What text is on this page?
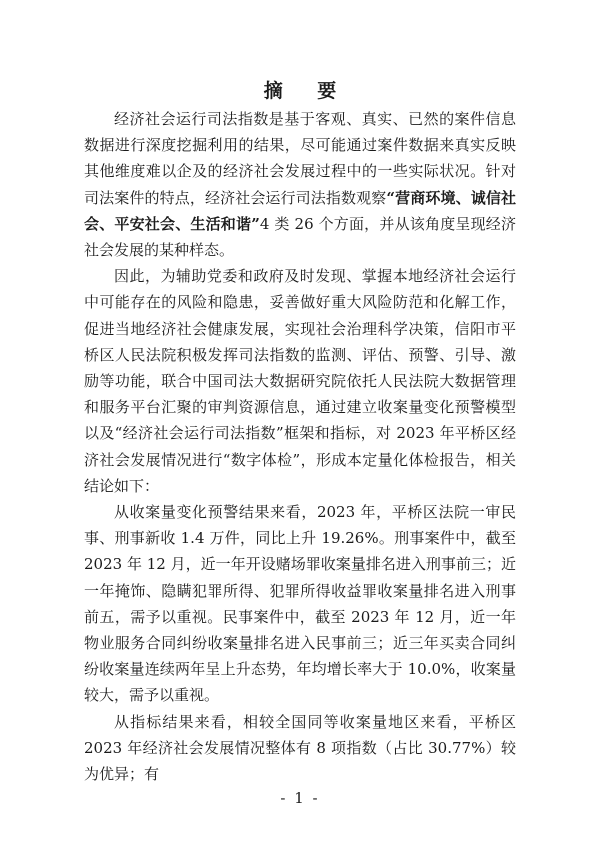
摘 要

经济社会运行司法指数是基于客观、真实、已然的案件信息数据进行深度挖掘利用的结果，尽可能通过案件数据来真实反映其他维度难以企及的经济社会发展过程中的一些实际状况。针对司法案件的特点，经济社会运行司法指数观察“营商环境、诚信社会、平安社会、生活和谐”4 类 26 个方面，并从该角度呈现经济社会发展的某种样态。

因此，为辅助党委和政府及时发现、掌握本地经济社会运行中可能存在的风险和隐患，妥善做好重大风险防范和化解工作，促进当地经济社会健康发展，实现社会治理科学决策，信阳市平桥区人民法院积极发挥司法指数的监测、评估、预警、引导、激励等功能，联合中国司法大数据研究院依托人民法院大数据管理和服务平台汇聚的审判资源信息，通过建立收案量变化预警模型以及“经济社会运行司法指数”框架和指标，对 2023 年平桥区经济社会发展情况进行“数字体检”，形成本定量化体检报告，相关结论如下：

从收案量变化预警结果来看，2023 年，平桥区法院一审民事、刑事新收 1.4 万件，同比上升 19.26%。刑事案件中，截至 2023 年 12 月，近一年开设赌场罪收案量排名进入刑事前三；近一年掩饰、隐瞒犯罪所得、犯罪所得收益罪收案量排名进入刑事前五，需予以重视。民事案件中，截至 2023 年 12 月，近一年物业服务合同纠纷收案量排名进入民事前三；近三年买卖合同纠纷收案量连续两年呈上升态势，年均增长率大于 10.0%，收案量较大，需予以重视。

从指标结果来看，相较全国同等收案量地区来看，平桥区 2023 年经济社会发展情况整体有 8 项指数（占比 30.77%）较为优异；有

- 1 -
